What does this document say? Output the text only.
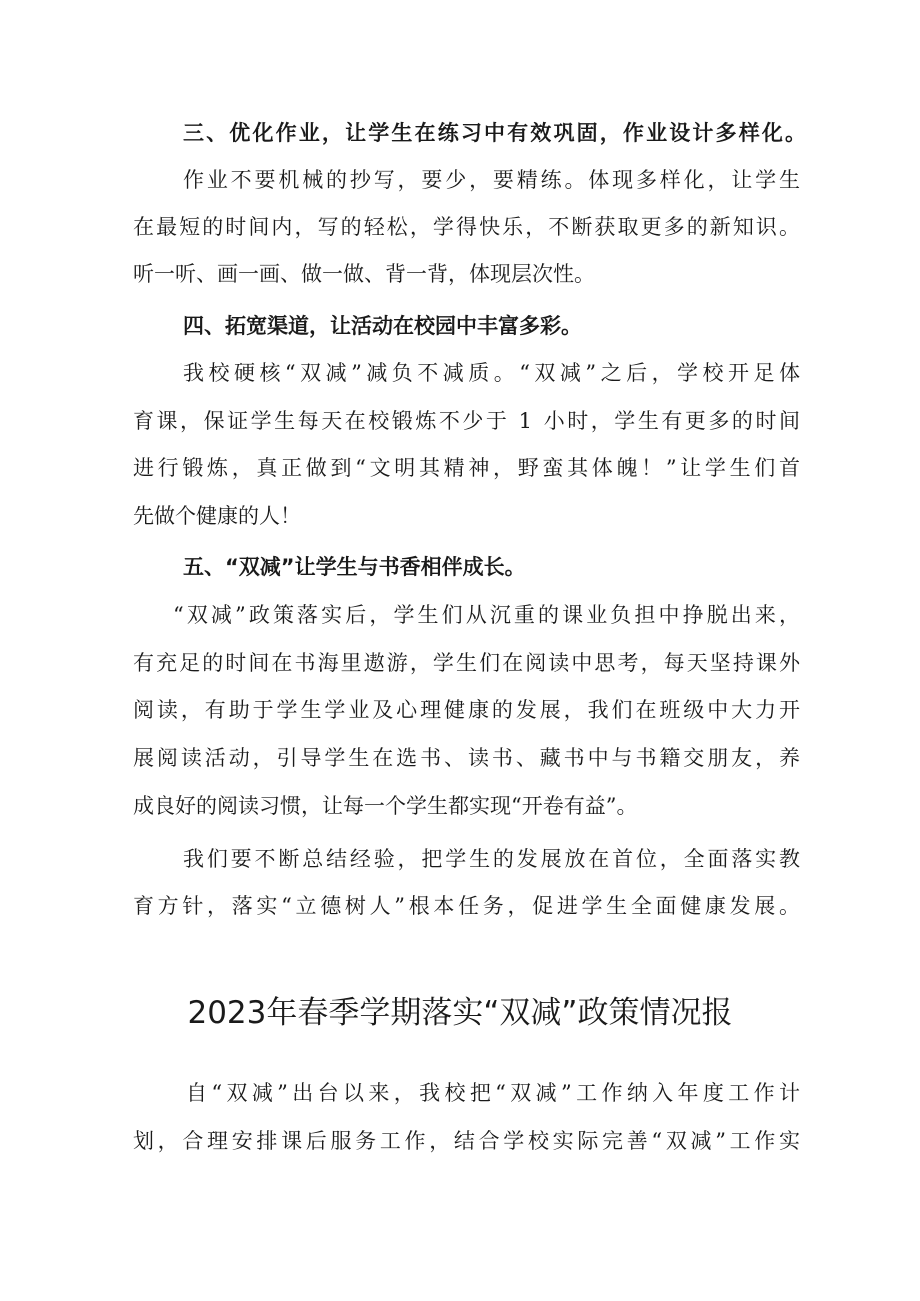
三、优化作业，让学生在练习中有效巩固，作业设计多样化。
作业不要机械的抄写，要少，要精练。体现多样化，让学生
在最短的时间内，写的轻松，学得快乐，不断获取更多的新知识。
听一听、画一画、做一做、背一背，体现层次性。
四、拓宽渠道，让活动在校园中丰富多彩。
我校硬核“双减”减负不减质。“双减”之后，学校开足体
育课，保证学生每天在校锻炼不少于 1 小时，学生有更多的时间
进行锻炼，真正做到“文明其精神，野蛮其体魄！”让学生们首
先做个健康的人！
五、“双减”让学生与书香相伴成长。
“双减”政策落实后，学生们从沉重的课业负担中挣脱出来，
有充足的时间在书海里遨游，学生们在阅读中思考，每天坚持课外
阅读，有助于学生学业及心理健康的发展，我们在班级中大力开
展阅读活动，引导学生在选书、读书、藏书中与书籍交朋友，养
成良好的阅读习惯，让每一个学生都实现“开卷有益”。
我们要不断总结经验，把学生的发展放在首位，全面落实教
育方针，落实“立德树人”根本任务，促进学生全面健康发展。
2023年春季学期落实“双减”政策情况报
自“双减”出台以来，我校把“双减”工作纳入年度工作计
划，合理安排课后服务工作，结合学校实际完善“双减”工作实
